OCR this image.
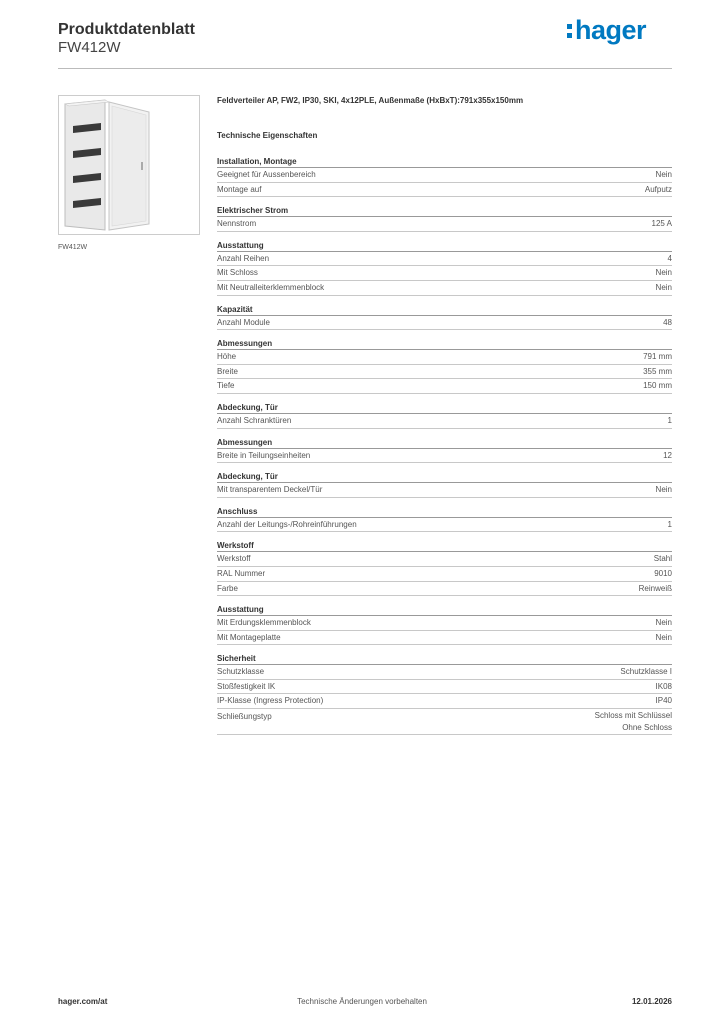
Produktdatenblatt
FW412W
hager
FW412W
Feldverteiler AP, FW2, IP30, SKI, 4x12PLE, Außenmaße (HxBxT):791x355x150mm
Technische Eigenschaften
Installation, Montage
Geeignet für Aussenbereich	Nein
Montage auf	Aufputz
Elektrischer Strom
Nennstrom	125 A
Ausstattung
Anzahl Reihen	4
Mit Schloss	Nein
Mit Neutralleiterklemmenblock	Nein
Kapazität
Anzahl Module	48
Abmessungen
Höhe	791 mm
Breite	355 mm
Tiefe	150 mm
Abdeckung, Tür
Anzahl Schranktüren	1
Abmessungen
Breite in Teilungseinheiten	12
Abdeckung, Tür
Mit transparentem Deckel/Tür	Nein
Anschluss
Anzahl der Leitungs-/Rohreinführungen	1
Werkstoff
Werkstoff	Stahl
RAL Nummer	9010
Farbe	Reinweiß
Ausstattung
Mit Erdungsklemmenblock	Nein
Mit Montageplatte	Nein
Sicherheit
Schutzklasse	Schutzklasse I
Stoßfestigkeit IK	IK08
IP-Klasse (Ingress Protection)	IP40
Schließungstyp	Schloss mit Schlüssel
Ohne Schloss
hager.com/at	Technische Änderungen vorbehalten	12.01.2026
